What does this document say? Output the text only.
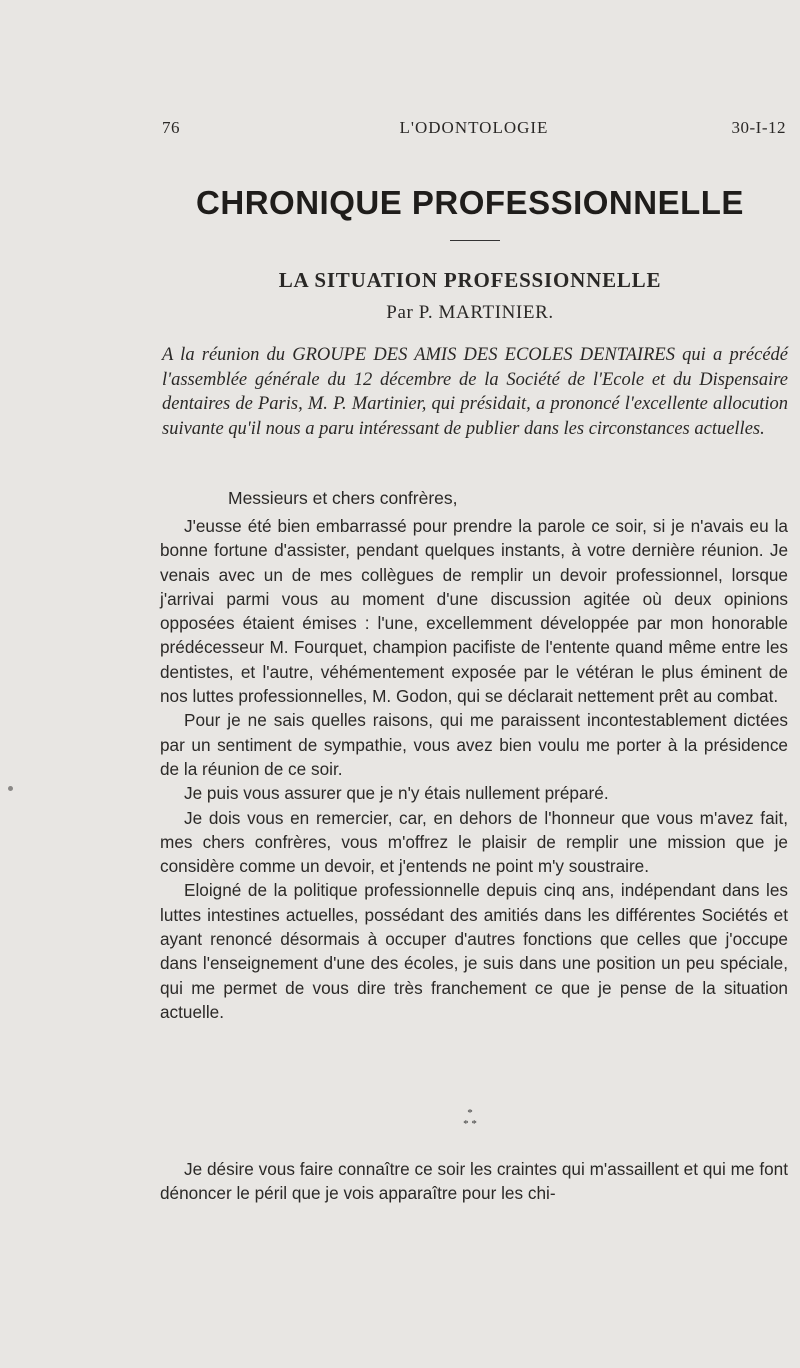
76	L'ODONTOLOGIE	30-I-12
CHRONIQUE PROFESSIONNELLE
LA SITUATION PROFESSIONNELLE
Par P. MARTINIER.
A la réunion du GROUPE DES AMIS DES ECOLES DENTAIRES qui a précédé l'assemblée générale du 12 décembre de la Société de l'Ecole et du Dispensaire dentaires de Paris, M. P. Martinier, qui présidait, a prononcé l'excellente allocution suivante qu'il nous a paru intéressant de publier dans les circonstances actuelles.
Messieurs et chers confrères,

J'eusse été bien embarrassé pour prendre la parole ce soir, si je n'avais eu la bonne fortune d'assister, pendant quelques instants, à votre dernière réunion. Je venais avec un de mes collègues de remplir un devoir professionnel, lorsque j'arrivai parmi vous au moment d'une discussion agitée où deux opinions opposées étaient émises : l'une, excellemment développée par mon honorable prédécesseur M. Fourquet, champion pacifiste de l'entente quand même entre les dentistes, et l'autre, véhémentement exposée par le vétéran le plus éminent de nos luttes professionnelles, M. Godon, qui se déclarait nettement prêt au combat.

Pour je ne sais quelles raisons, qui me paraissent incontestablement dictées par un sentiment de sympathie, vous avez bien voulu me porter à la présidence de la réunion de ce soir.

Je puis vous assurer que je n'y étais nullement préparé.

Je dois vous en remercier, car, en dehors de l'honneur que vous m'avez fait, mes chers confrères, vous m'offrez le plaisir de remplir une mission que je considère comme un devoir, et j'entends ne point m'y soustraire.

Eloigné de la politique professionnelle depuis cinq ans, indépendant dans les luttes intestines actuelles, possédant des amitiés dans les différentes Sociétés et ayant renoncé désormais à occuper d'autres fonctions que celles que j'occupe dans l'enseignement d'une des écoles, je suis dans une position un peu spéciale, qui me permet de vous dire très franchement ce que je pense de la situation actuelle.

*
* *

Je désire vous faire connaître ce soir les craintes qui m'assaillent et qui me font dénoncer le péril que je vois apparaître pour les chi-
